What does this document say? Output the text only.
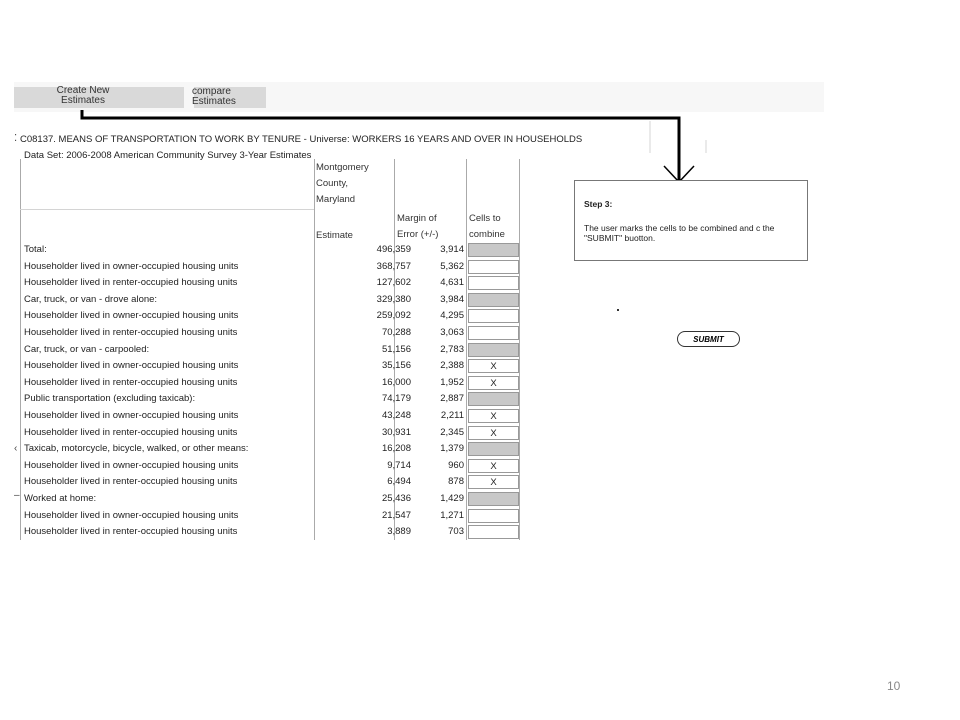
Create New Estimates
compare Estimates
⁚ C08137. MEANS OF TRANSPORTATION TO WORK BY TENURE - Universe: WORKERS 16 YEARS AND OVER IN HOUSEHOLDS
Data Set: 2006-2008 American Community Survey 3-Year Estimates
Montgomery County, Maryland
Estimate
Margin of Error (+/-)
Cells to combine
Total:	496,359	3,914
Householder lived in owner-occupied housing units	368,757	5,362
Householder lived in renter-occupied housing units	127,602	4,631
Car, truck, or van - drove alone:	329,380	3,984
Householder lived in owner-occupied housing units	259,092	4,295
Householder lived in renter-occupied housing units	70,288	3,063
Car, truck, or van - carpooled:	51,156	2,783
Householder lived in owner-occupied housing units	35,156	2,388	X
Householder lived in renter-occupied housing units	16,000	1,952	X
Public transportation (excluding taxicab):	74,179	2,887
Householder lived in owner-occupied housing units	43,248	2,211	X
Householder lived in renter-occupied housing units	30,931	2,345	X
Taxicab, motorcycle, bicycle, walked, or other means:	16,208	1,379
Householder lived in owner-occupied housing units	9,714	960	X
Householder lived in renter-occupied housing units	6,494	878	X
Worked at home:	25,436	1,429
Householder lived in owner-occupied housing units	21,547	1,271
Householder lived in renter-occupied housing units	3,889	703
‹
–
Step 3:
The user marks the cells to be combined and c the "SUBMIT" buotton.
SUBMIT
10
